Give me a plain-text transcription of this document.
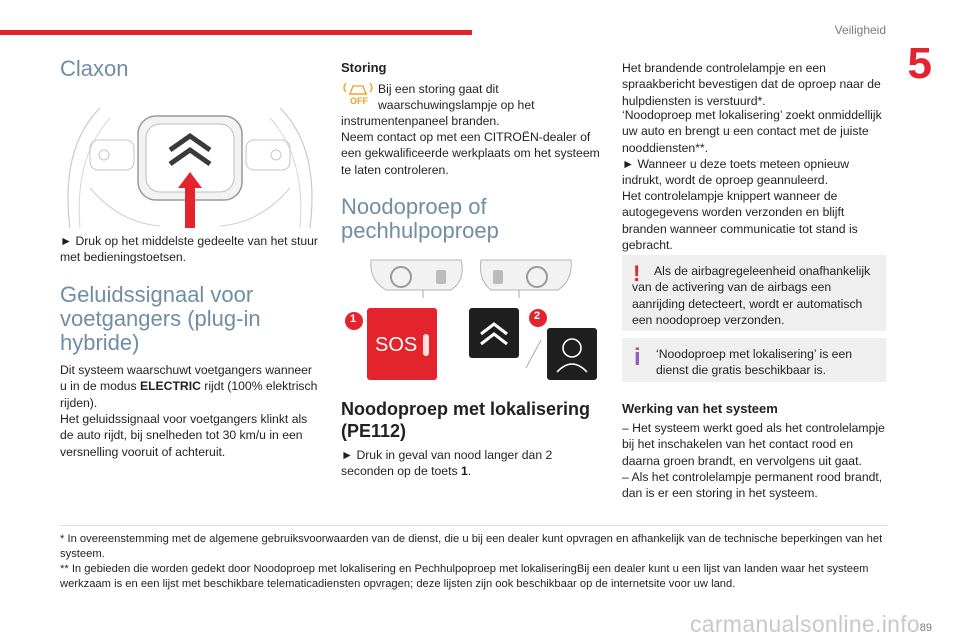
Veiligheid
5
Claxon

► Druk op het middelste gedeelte van het stuur met bedieningstoetsen.

Geluidssignaal voor voetgangers (plug-in hybride)

Dit systeem waarschuwt voetgangers wanneer u in de modus ELECTRIC rijdt (100% elektrisch rijden).

Het geluidssignaal voor voetgangers klinkt als de auto rijdt, bij snelheden tot 30 km/u in een versnelling vooruit of achteruit.

Storing
OFF

Bij een storing gaat dit waarschuwingslampje op het

instrumentenpaneel branden.

Neem contact op met een CITROËN-dealer of een gekwalificeerde werkplaats om het systeem te laten controleren.

Noodoproep of pechhulpoproep
SOS
1	2
Noodoproep met lokalisering (PE112)

► Druk in geval van nood langer dan 2 seconden op de toets 1.

Het brandende controlelampje en een spraakbericht bevestigen dat de oproep naar de hulpdiensten is verstuurd*.

‘Noodoproep met lokalisering’ zoekt onmiddellijk uw auto en brengt u een contact met de juiste nooddiensten**.

► Wanneer u deze toets meteen opnieuw indrukt, wordt de oproep geannuleerd.

Het controlelampje knippert wanneer de autogegevens worden verzonden en blijft branden wanneer communicatie tot stand is gebracht.

!	Als de airbagregeleenheid onafhankelijk van de activering van de airbags een aanrijding detecteert, wordt er automatisch een noodoproep verzonden.

i ‘Noodoproep met lokalisering’ is een dienst die gratis beschikbaar is.

Werking van het systeem

– Het systeem werkt goed als het controlelampje bij het inschakelen van het contact rood en daarna groen brandt, en vervolgens uit gaat.

– Als het controlelampje permanent rood brandt, dan is er een storing in het systeem.

* In overeenstemming met de algemene gebruiksvoorwaarden van de dienst, die u bij een dealer kunt opvragen en afhankelijk van de technische beperkingen van het systeem.

** In gebieden die worden gedekt door Noodoproep met lokalisering en Pechhulpoproep met lokaliseringBij een dealer kunt u een lijst van landen waar het systeem werkzaam is en een lijst met beschikbare telematicadiensten opvragen; deze lijsten zijn ook beschikbaar op de internetsite voor uw land.

carmanualsonline.info 89
